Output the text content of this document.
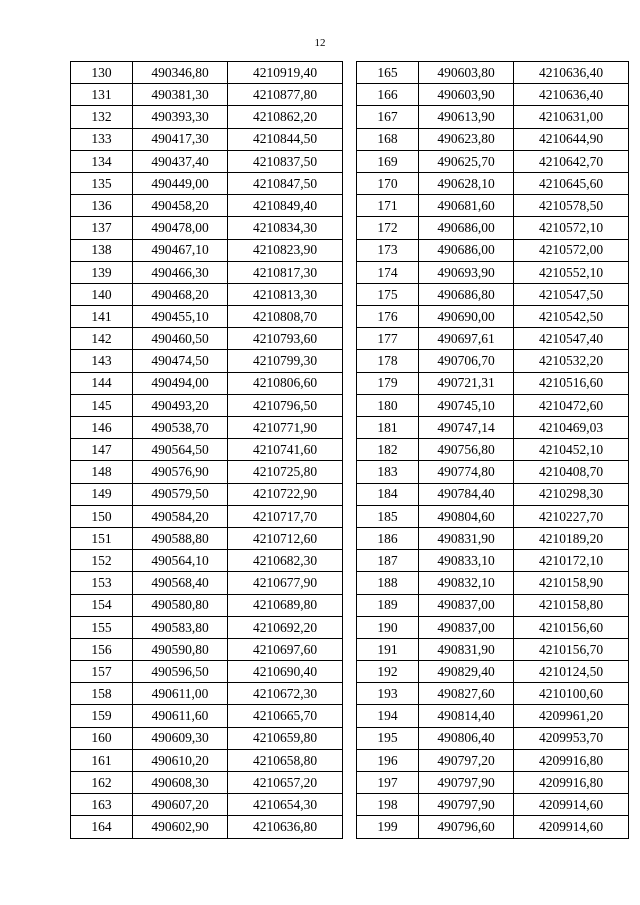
12
130	490346,80	4210919,40
131	490381,30	4210877,80
132	490393,30	4210862,20
133	490417,30	4210844,50
134	490437,40	4210837,50
135	490449,00	4210847,50
136	490458,20	4210849,40
137	490478,00	4210834,30
138	490467,10	4210823,90
139	490466,30	4210817,30
140	490468,20	4210813,30
141	490455,10	4210808,70
142	490460,50	4210793,60
143	490474,50	4210799,30
144	490494,00	4210806,60
145	490493,20	4210796,50
146	490538,70	4210771,90
147	490564,50	4210741,60
148	490576,90	4210725,80
149	490579,50	4210722,90
150	490584,20	4210717,70
151	490588,80	4210712,60
152	490564,10	4210682,30
153	490568,40	4210677,90
154	490580,80	4210689,80
155	490583,80	4210692,20
156	490590,80	4210697,60
157	490596,50	4210690,40
158	490611,00	4210672,30
159	490611,60	4210665,70
160	490609,30	4210659,80
161	490610,20	4210658,80
162	490608,30	4210657,20
163	490607,20	4210654,30
164	490602,90	4210636,80
165	490603,80	4210636,40
166	490603,90	4210636,40
167	490613,90	4210631,00
168	490623,80	4210644,90
169	490625,70	4210642,70
170	490628,10	4210645,60
171	490681,60	4210578,50
172	490686,00	4210572,10
173	490686,00	4210572,00
174	490693,90	4210552,10
175	490686,80	4210547,50
176	490690,00	4210542,50
177	490697,61	4210547,40
178	490706,70	4210532,20
179	490721,31	4210516,60
180	490745,10	4210472,60
181	490747,14	4210469,03
182	490756,80	4210452,10
183	490774,80	4210408,70
184	490784,40	4210298,30
185	490804,60	4210227,70
186	490831,90	4210189,20
187	490833,10	4210172,10
188	490832,10	4210158,90
189	490837,00	4210158,80
190	490837,00	4210156,60
191	490831,90	4210156,70
192	490829,40	4210124,50
193	490827,60	4210100,60
194	490814,40	4209961,20
195	490806,40	4209953,70
196	490797,20	4209916,80
197	490797,90	4209916,80
198	490797,90	4209914,60
199	490796,60	4209914,60
